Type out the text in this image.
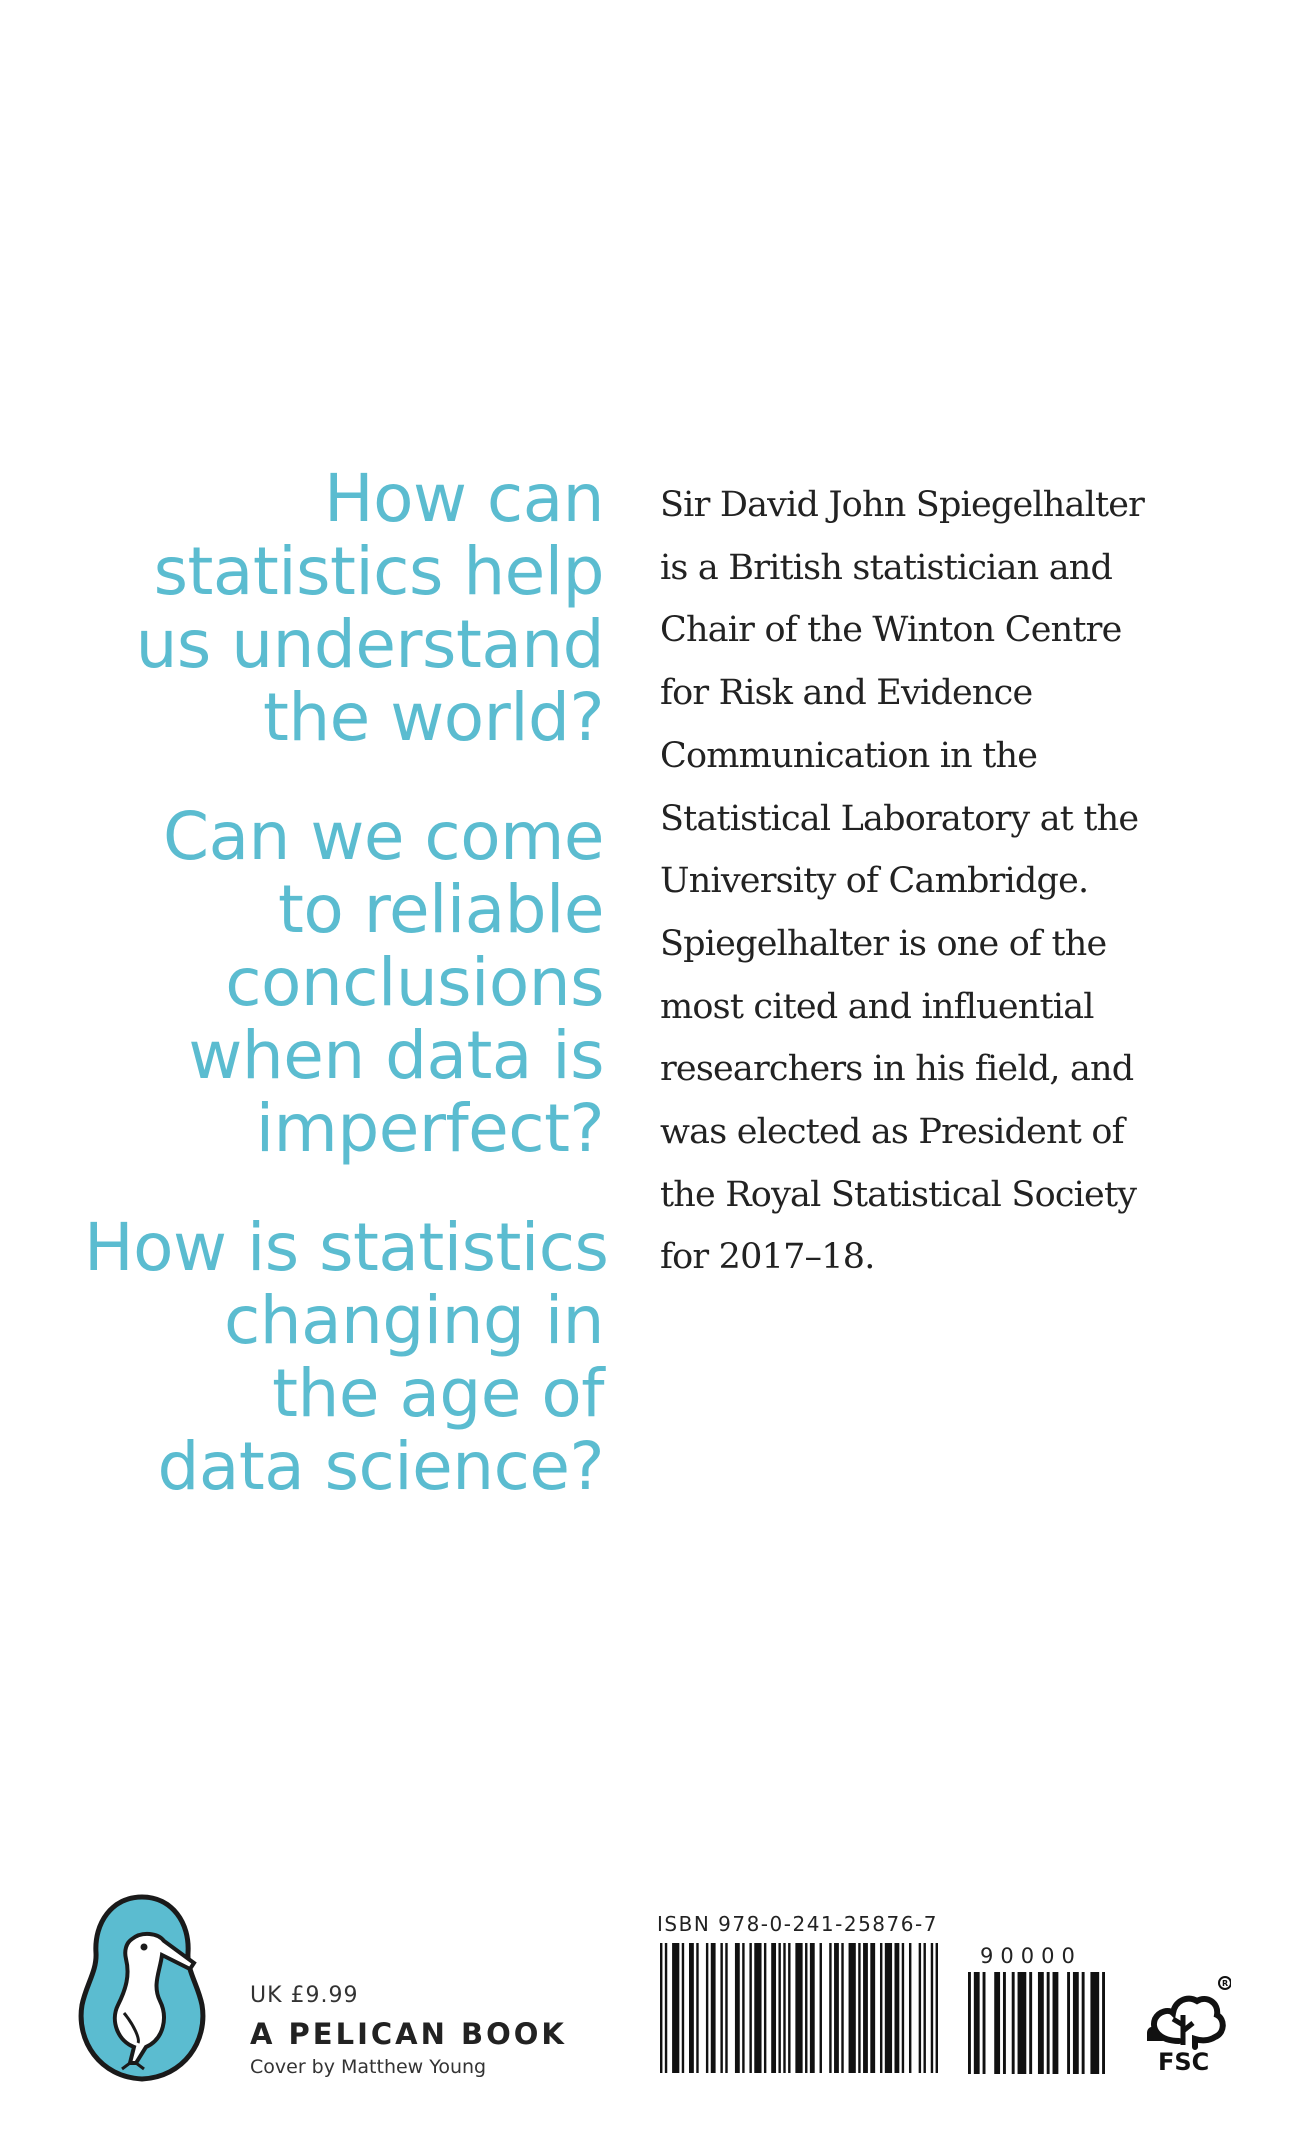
How can
statistics help
us understand
the world?
Can we come
to reliable
conclusions
when data is
imperfect?
How is statistics
changing in
the age of
data science?
Sir David John Spiegelhalter
is a British statistician and
Chair of the Winton Centre
for Risk and Evidence
Communication in the
Statistical Laboratory at the
University of Cambridge.
Spiegelhalter is one of the
most cited and influential
researchers in his field, and
was elected as President of
the Royal Statistical Society
for 2017–18.
UK £9.99
A PELICAN BOOK
Cover by Matthew Young
ISBN 978-0-241-25876-7
90000
R
FSC
